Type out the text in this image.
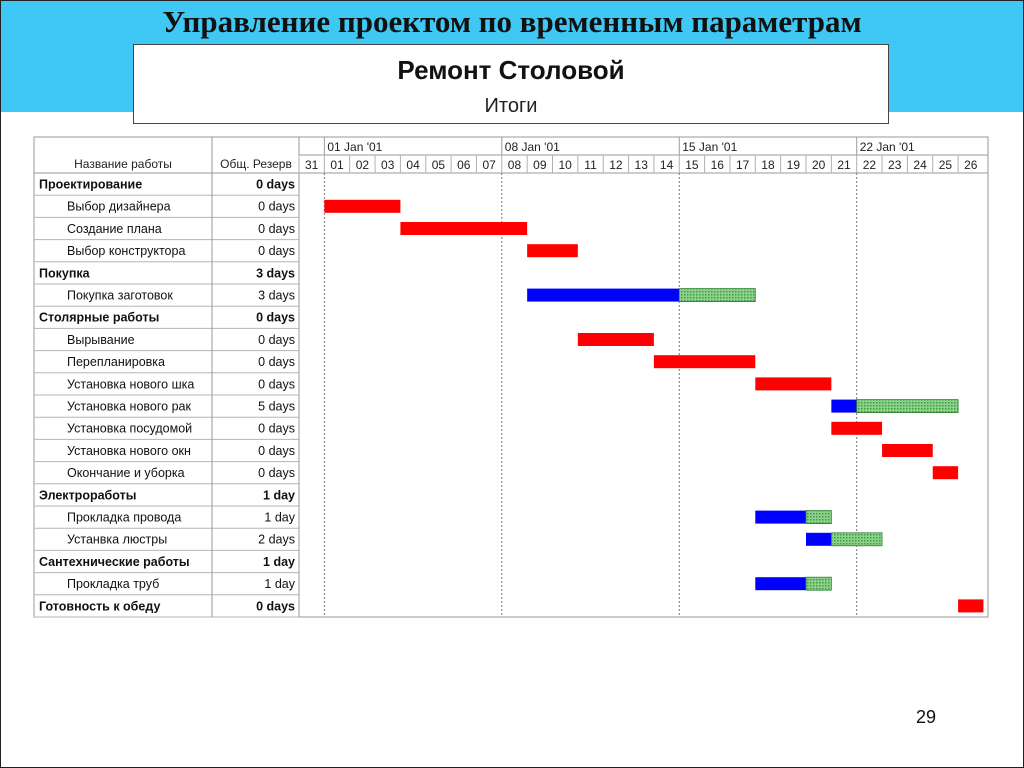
Управление проектом по временным параметрам
Ремонт Столовой
Итоги
Название работы	Общ. Резерв 31 01 02 03 04 05 06 07 08 09 10 11 12 13 14 15 16 17 18 19 20 21 22 23 24 25 26
01 Jan '01	08 Jan '01	15 Jan '01	22 Jan '01
Проектирование	0 days
Выбор дизайнера	0 days
Создание плана	0 days
Выбор конструктора	0 days
Покупка	3 days
Покупка заготовок	3 days
Столярные работы	0 days
Вырывание	0 days
Перепланировка	0 days
Установка нового шка	0 days
Установка нового рак	5 days
Установка посудомой	0 days
Установка нового окн	0 days
Окончание и уборка	0 days
Электроработы	1 day
Прокладка провода	1 day
Устанвка люстры	2 days
Сантехнические работы	1 day
Прокладка труб	1 day
Готовность к обеду	0 days
29
